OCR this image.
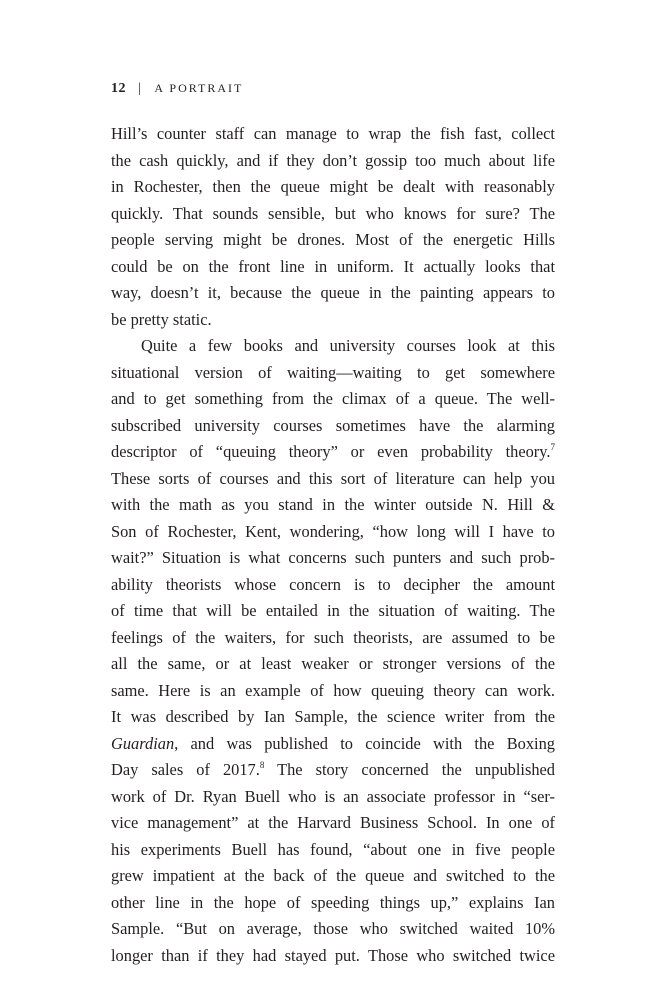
12 | A PORTRAIT
Hill’s counter staff can manage to wrap the fish fast, collect
the cash quickly, and if they don’t gossip too much about life
in Rochester, then the queue might be dealt with reasonably
quickly. That sounds sensible, but who knows for sure? The
people serving might be drones. Most of the energetic Hills
could be on the front line in uniform. It actually looks that
way, doesn’t it, because the queue in the painting appears to
be pretty static.
Quite a few books and university courses look at this
situational version of waiting—waiting to get somewhere
and to get something from the climax of a queue. The well-
subscribed university courses sometimes have the alarming
descriptor of “queuing theory” or even probability theory.$^7$
These sorts of courses and this sort of literature can help you
with the math as you stand in the winter outside N. Hill &
Son of Rochester, Kent, wondering, “how long will I have to
wait?” Situation is what concerns such punters and such prob-
ability theorists whose concern is to decipher the amount
of time that will be entailed in the situation of waiting. The
feelings of the waiters, for such theorists, are assumed to be
all the same, or at least weaker or stronger versions of the
same. Here is an example of how queuing theory can work.
It was described by Ian Sample, the science writer from the
Guardian, and was published to coincide with the Boxing
Day sales of 2017.$^8$ The story concerned the unpublished
work of Dr. Ryan Buell who is an associate professor in “ser-
vice management” at the Harvard Business School. In one of
his experiments Buell has found, “about one in five people
grew impatient at the back of the queue and switched to the
other line in the hope of speeding things up,” explains Ian
Sample. “But on average, those who switched waited 10%
longer than if they had stayed put. Those who switched twice
